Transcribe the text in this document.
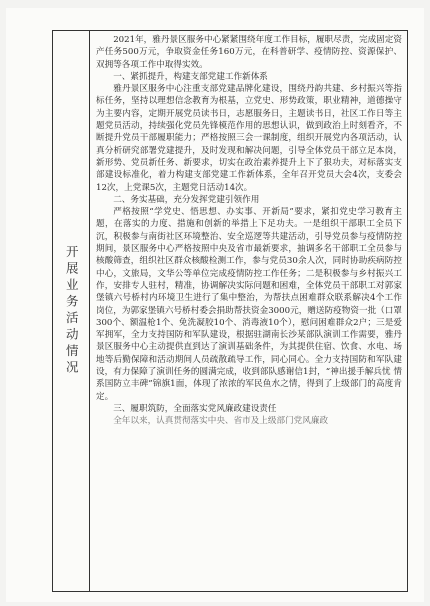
开展业务活动情况

2021年，雅丹景区服务中心紧紧围绕年度工作目标，履职尽责，完成固定资产任务500万元，争取资金任务160万元，在科普研学、疫情防控、资源保护、双拥等各项工作中取得实效。

一、紧抓提升，构建支部党建工作新体系

雅丹景区服务中心注重支部党建品牌化建设，围绕丹韵共建、乡村振兴等指标任务，坚持以理想信念教育为根基，立党史、形势政策，职业精神，道德操守为主要内容，定期开展党员读书日，志愿服务日，主题读书日，社区工作日等主题党员活动，持续强化党员先锋模范作用的思想认识，做到政治上时刻看齐，不断提升党员干部履职能力；严格按照三会一课制度，组织开展党内各项活动，认真分析研究部署党建提升，及时发现和解决问题，引导全体党员干部立足本岗，新形势、党员新任务、新要求，切实在政治素养提升上下了狠功夫，对标落实支部建设标准化，着力构建支部党建工作新体系，全年召开党员大会4次，支委会12次，上党课5次，主题党日活动14次。

二、务实基础，充分发挥党建引领作用

严格按照“学党史、悟思想、办实事、开新局”要求，紧扣党史学习教育主题，在落实的力度、措施和创新的举措上下足功夫。一是组织干部职工全员下沉，积极参与南街社区环境整治、安全巡逻等共建活动，引导党员参与疫情防控期间，景区服务中心严格按照中央及省市最新要求，抽调多名干部职工全员参与核酸筛查，组织社区群众核酸检测工作，参与党员30余人次，同时协助疾病防控中心，文旅局，文华公等单位完成疫情防控工作任务；二是积极参与乡村振兴工作，安排专人驻村，精准，协调解决实际问题和困难，全体党员干部职工对郭家堡镇六号桥村内环境卫生进行了集中整治，为帮扶点困难群众联系解决4个工作岗位，为郭家堡镇六号桥村委会捐助帮扶资金3000元，赠送防疫物资一批（口罩300个、额温枪1个、免洗凝胶10个、消毒液10个），慰问困难群众2户；三是爱军拥军，全力支持国防和军队建设，根据驻湖南长沙某部队演训工作需要，雅丹景区服务中心主动提供直到达了演训基础条件，为其提供住宿、饮食、水电、场地等后勤保障和活动期间人员疏散疏导工作，同心同心。全力支持国防和军队建设，有力保障了演训任务的圆满完成，收到部队感谢信1封，“神出援手解兵忧 情系国防立丰碑”锦旗1面，体现了浓浓的军民鱼水之情，得到了上级部门的高度肯定。

三、履职筑防，全面落实党风廉政建设责任

全年以来，认真贯彻落实中央、省市及上级部门党风廉政
